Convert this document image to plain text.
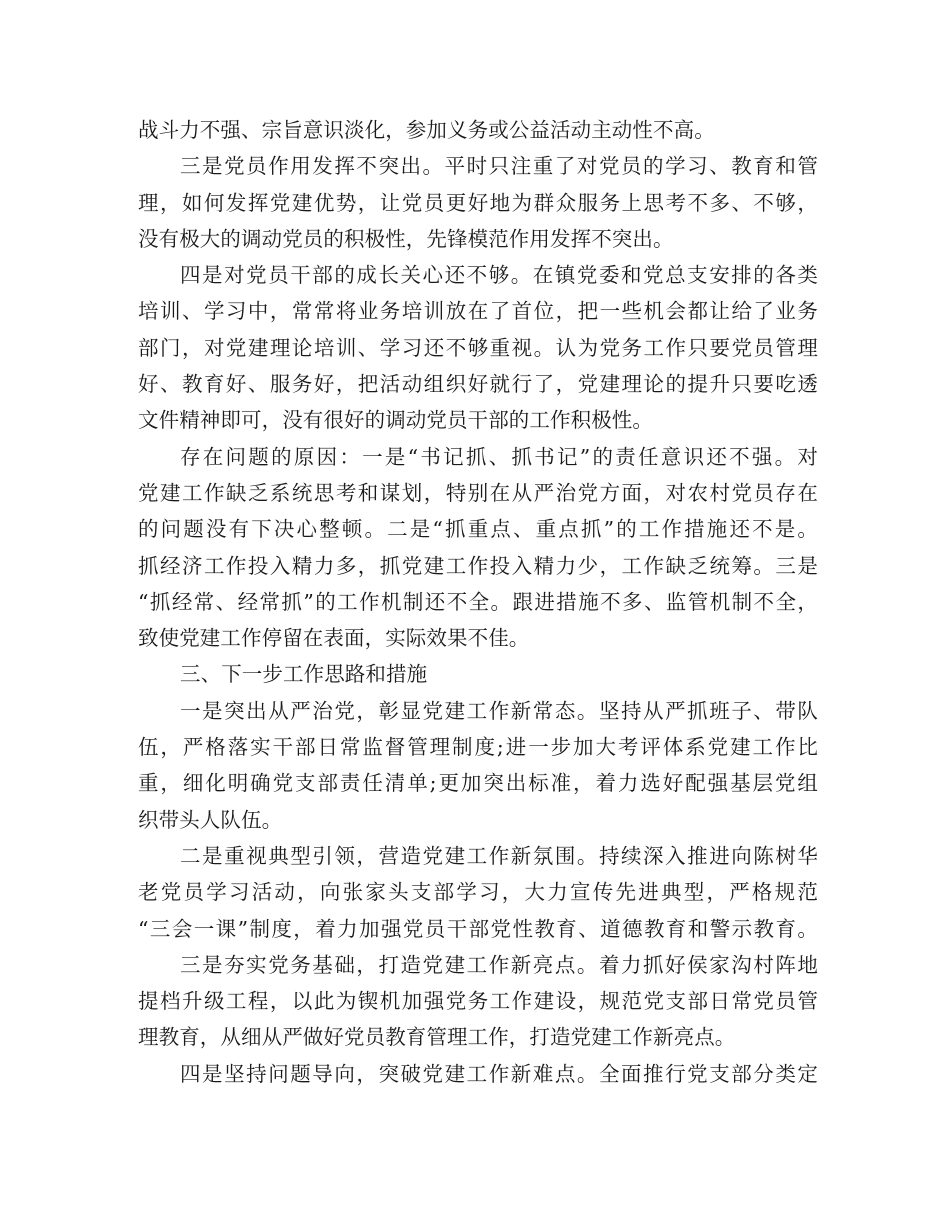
战斗力不强、宗旨意识淡化，参加义务或公益活动主动性不高。
三是党员作用发挥不突出。平时只注重了对党员的学习、教育和管
理，如何发挥党建优势，让党员更好地为群众服务上思考不多、不够，
没有极大的调动党员的积极性，先锋模范作用发挥不突出。
四是对党员干部的成长关心还不够。在镇党委和党总支安排的各类
培训、学习中，常常将业务培训放在了首位，把一些机会都让给了业务
部门，对党建理论培训、学习还不够重视。认为党务工作只要党员管理
好、教育好、服务好，把活动组织好就行了，党建理论的提升只要吃透
文件精神即可，没有很好的调动党员干部的工作积极性。
存在问题的原因：一是“书记抓、抓书记”的责任意识还不强。对
党建工作缺乏系统思考和谋划，特别在从严治党方面，对农村党员存在
的问题没有下决心整顿。二是“抓重点、重点抓”的工作措施还不是。
抓经济工作投入精力多，抓党建工作投入精力少，工作缺乏统筹。三是
“抓经常、经常抓”的工作机制还不全。跟进措施不多、监管机制不全，
致使党建工作停留在表面，实际效果不佳。
三、下一步工作思路和措施
一是突出从严治党，彰显党建工作新常态。坚持从严抓班子、带队
伍，严格落实干部日常监督管理制度;进一步加大考评体系党建工作比
重，细化明确党支部责任清单;更加突出标准，着力选好配强基层党组
织带头人队伍。
二是重视典型引领，营造党建工作新氛围。持续深入推进向陈树华
老党员学习活动，向张家头支部学习，大力宣传先进典型，严格规范
“三会一课”制度，着力加强党员干部党性教育、道德教育和警示教育。
三是夯实党务基础，打造党建工作新亮点。着力抓好侯家沟村阵地
提档升级工程，以此为锲机加强党务工作建设，规范党支部日常党员管
理教育，从细从严做好党员教育管理工作，打造党建工作新亮点。
四是坚持问题导向，突破党建工作新难点。全面推行党支部分类定
